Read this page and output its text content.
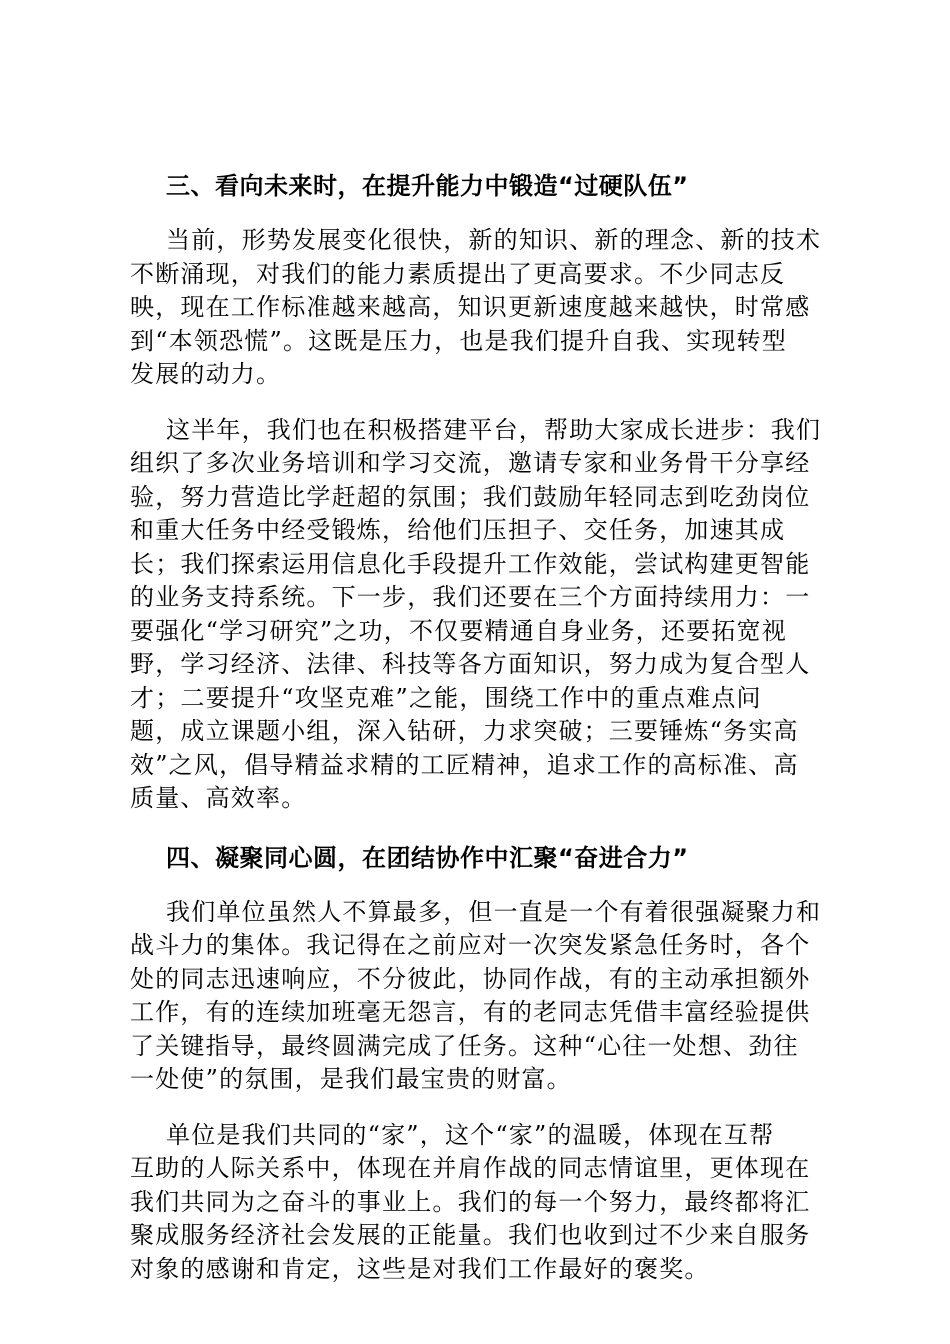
三、看向未来时，在提升能力中锻造“过硬队伍”

当前，形势发展变化很快，新的知识、新的理念、新的技术
不断涌现，对我们的能力素质提出了更高要求。不少同志反
映，现在工作标准越来越高，知识更新速度越来越快，时常感
到“本领恐慌”。这既是压力，也是我们提升自我、实现转型
发展的动力。

这半年，我们也在积极搭建平台，帮助大家成长进步：我们
组织了多次业务培训和学习交流，邀请专家和业务骨干分享经
验，努力营造比学赶超的氛围；我们鼓励年轻同志到吃劲岗位
和重大任务中经受锻炼，给他们压担子、交任务，加速其成
长；我们探索运用信息化手段提升工作效能，尝试构建更智能
的业务支持系统。下一步，我们还要在三个方面持续用力：一
要强化“学习研究”之功，不仅要精通自身业务，还要拓宽视
野，学习经济、法律、科技等各方面知识，努力成为复合型人
才；二要提升“攻坚克难”之能，围绕工作中的重点难点问
题，成立课题小组，深入钻研，力求突破；三要锤炼“务实高
效”之风，倡导精益求精的工匠精神，追求工作的高标准、高
质量、高效率。

四、凝聚同心圆，在团结协作中汇聚“奋进合力”

我们单位虽然人不算最多，但一直是一个有着很强凝聚力和
战斗力的集体。我记得在之前应对一次突发紧急任务时，各个
处的同志迅速响应，不分彼此，协同作战，有的主动承担额外
工作，有的连续加班毫无怨言，有的老同志凭借丰富经验提供
了关键指导，最终圆满完成了任务。这种“心往一处想、劲往
一处使”的氛围，是我们最宝贵的财富。

单位是我们共同的“家”，这个“家”的温暖，体现在互帮
互助的人际关系中，体现在并肩作战的同志情谊里，更体现在
我们共同为之奋斗的事业上。我们的每一个努力，最终都将汇
聚成服务经济社会发展的正能量。我们也收到过不少来自服务
对象的感谢和肯定，这些是对我们工作最好的褒奖。
